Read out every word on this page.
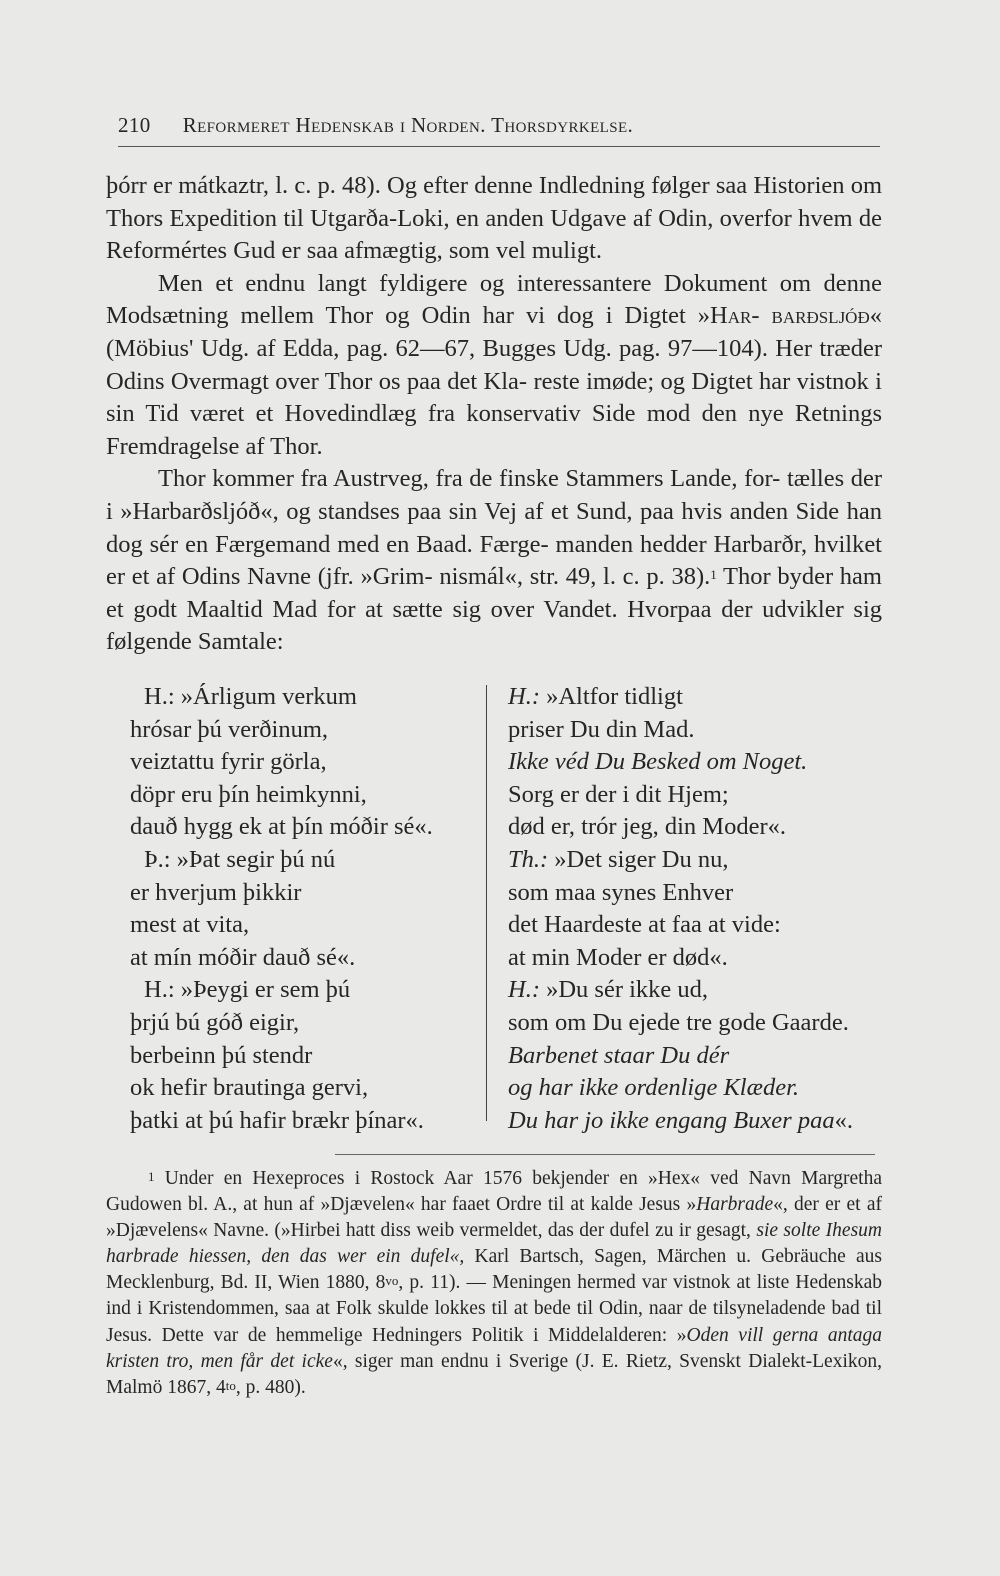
210 Reformeret Hedenskab i Norden. Thorsdyrkelse.

þórr er mátkaztr, l. c. p. 48). Og efter denne Indledning følger saa Historien om Thors Expedition til Utgarða-Loki, en anden Udgave af Odin, overfor hvem de Reformértes Gud er saa afmægtig, som vel muligt.

Men et endnu langt fyldigere og interessantere Dokument om denne Modsætning mellem Thor og Odin har vi dog i Digtet »Har- barðsljóð« (Möbius' Udg. af Edda, pag. 62—67, Bugges Udg. pag. 97—104). Her træder Odins Overmagt over Thor os paa det Kla- reste imøde; og Digtet har vistnok i sin Tid været et Hovedindlæg fra konservativ Side mod den nye Retnings Fremdragelse af Thor.

Thor kommer fra Austrveg, fra de finske Stammers Lande, for- tælles der i »Harbarðsljóð«, og standses paa sin Vej af et Sund, paa hvis anden Side han dog sér en Færgemand med en Baad. Færge- manden hedder Harbarðr, hvilket er et af Odins Navne (jfr. »Grim- nismál«, str. 49, l. c. p. 38).$^1$ Thor byder ham et godt Maaltid Mad for at sætte sig over Vandet. Hvorpaa der udvikler sig følgende Samtale:

H.: »Árligum verkum
hrósar þú verðinum,
veiztattu fyrir görla,
döpr eru þín heimkynni,
dauð hygg ek at þín móðir sé«.
Þ.: »Þat segir þú nú
er hverjum þikkir
mest at vita,
at mín móðir dauð sé«.
H.: »Þeygi er sem þú
þrjú bú góð eigir,
berbeinn þú stendr
ok hefir brautinga gervi,
þatki at þú hafir brækr þínar«.
H.: »Altfor tidligt
priser Du din Mad.
Ikke véd Du Besked om Noget.
Sorg er der i dit Hjem;
død er, trór jeg, din Moder«.
Th.: »Det siger Du nu,
som maa synes Enhver
det Haardeste at faa at vide:
at min Moder er død«.
H.: »Du sér ikke ud,
som om Du ejede tre gode Gaarde.
Barbenet staar Du dér
og har ikke ordenlige Klæder.
Du har jo ikke engang Buxer paa«.

$^1$ Under en Hexeproces i Rostock Aar 1576 bekjender en »Hex« ved Navn Margretha Gudowen bl. A., at hun af »Djævelen« har faaet Ordre til at kalde Jesus »Harbrade«, der er et af »Djævelens« Navne. (»Hirbei hatt diss weib vermeldet, das der dufel zu ir gesagt, sie solte Ihesum harbrade hiessen, den das wer ein dufel«, Karl Bartsch, Sagen, Märchen u. Gebräuche aus Mecklenburg, Bd. II, Wien 1880, $8^{vo}$, p. 11). — Meningen hermed var vistnok at liste Hedenskab ind i Kristendommen, saa at Folk skulde lokkes til at bede til Odin, naar de tilsyneladende bad til Jesus. Dette var de hemmelige Hedningers Politik i Middelalderen: »Oden vill gerna antaga kristen tro, men får det icke«, siger man endnu i Sverige (J. E. Rietz, Svenskt Dialekt-Lexikon, Malmö 1867, $4^{to}$, p. 480).
